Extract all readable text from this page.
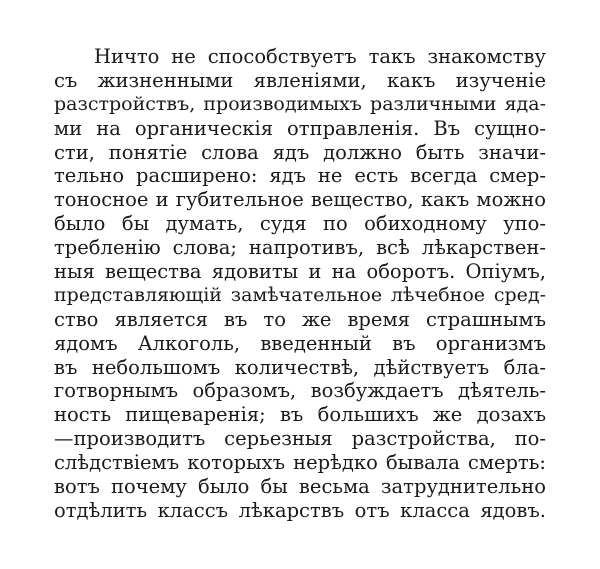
Ничто не способствуетъ такъ знакомству
съ жизненными явленіями, какъ изученіе
разстройствъ, производимыхъ различными яда-
ми на органическія отправленія. Въ сущно-
сти, понятіе слова ядъ должно быть значи-
тельно расширено: ядъ не есть всегда смер-
тоносное и губительное вещество, какъ можно
было бы думать, судя по обиходному упо-
требленію слова; напротивъ, всѣ лѣкарствен-
ныя вещества ядовиты и на оборотъ. Опіумъ,
представляющій замѣчательное лѣчебное сред-
ство является въ то же время страшнымъ
ядомъ Алкоголь, введенный въ организмъ
въ небольшомъ количествѣ, дѣйствуетъ бла-
готворнымъ образомъ, возбуждаетъ дѣятель-
ность пищеваренія; въ большихъ же дозахъ
—производитъ серьезныя разстройства, по-
слѣдствіемъ которыхъ нерѣдко бывала смерть:
вотъ почему было бы весьма затруднительно
отдѣлить классъ лѣкарствъ отъ класса ядовъ.
